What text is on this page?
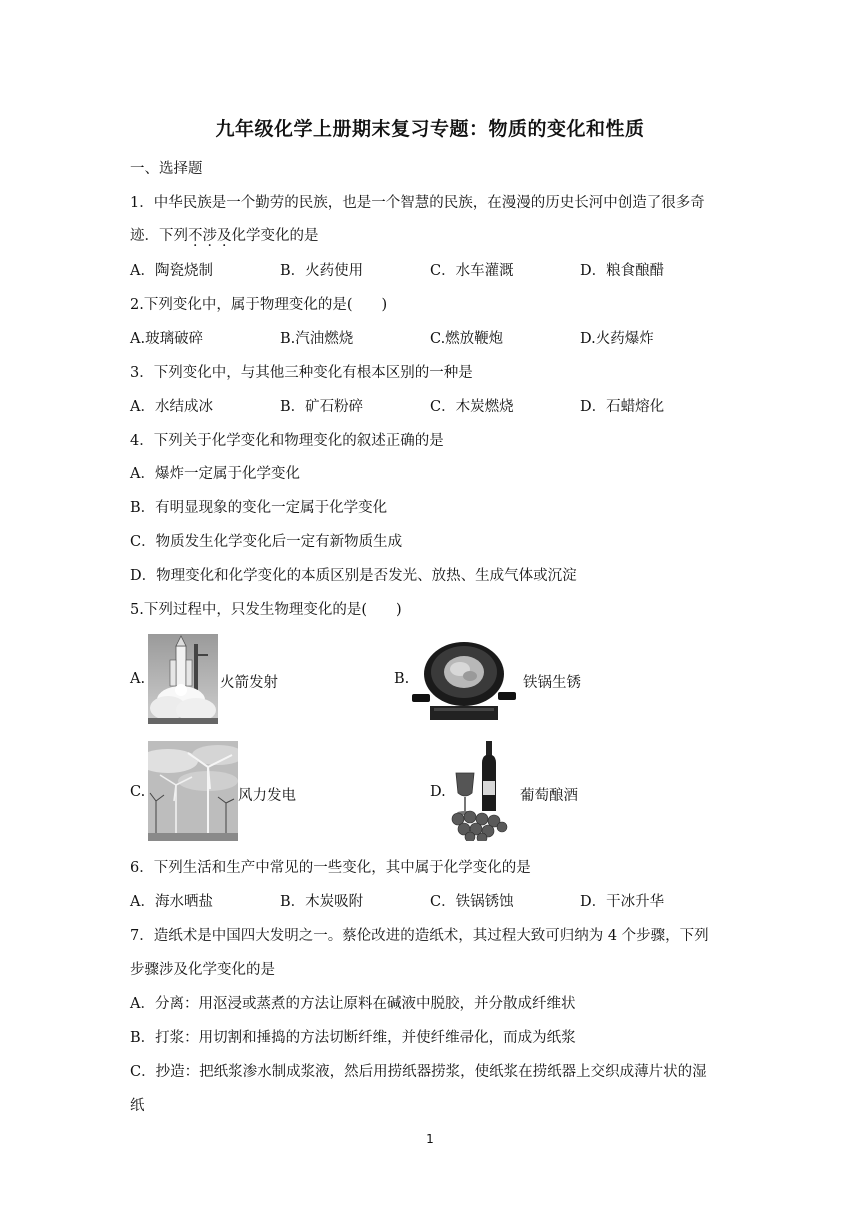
九年级化学上册期末复习专题：物质的变化和性质
一、选择题
1．中华民族是一个勤劳的民族，也是一个智慧的民族，在漫漫的历史长河中创造了很多奇
迹．下列不涉及化学变化的是
A．陶瓷烧制	B．火药使用	C．水车灌溉	D．粮食酿醋
2.下列变化中，属于物理变化的是(　　)
A.玻璃破碎	B.汽油燃烧	C.燃放鞭炮	D.火药爆炸
3．下列变化中，与其他三种变化有根本区别的一种是
A．水结成冰	B．矿石粉碎	C．木炭燃烧	D．石蜡熔化
4．下列关于化学变化和物理变化的叙述正确的是
A．爆炸一定属于化学变化
B．有明显现象的变化一定属于化学变化
C．物质发生化学变化后一定有新物质生成
D．物理变化和化学变化的本质区别是否发光、放热、生成气体或沉淀
5.下列过程中，只发生物理变化的是(　　)
A.	火箭发射	B.	铁锅生锈
C.	风力发电	D.	葡萄酿酒
6．下列生活和生产中常见的一些变化，其中属于化学变化的是
A．海水晒盐	B．木炭吸附	C．铁锅锈蚀	D．干冰升华
7．造纸术是中国四大发明之一。蔡伦改进的造纸术，其过程大致可归纳为 4 个步骤，下列
步骤涉及化学变化的是
A．分离：用沤浸或蒸煮的方法让原料在碱液中脱胶，并分散成纤维状
B．打浆：用切割和捶捣的方法切断纤维，并使纤维帚化，而成为纸浆
C．抄造：把纸浆渗水制成浆液，然后用捞纸器捞浆，使纸浆在捞纸器上交织成薄片状的湿
纸
1
